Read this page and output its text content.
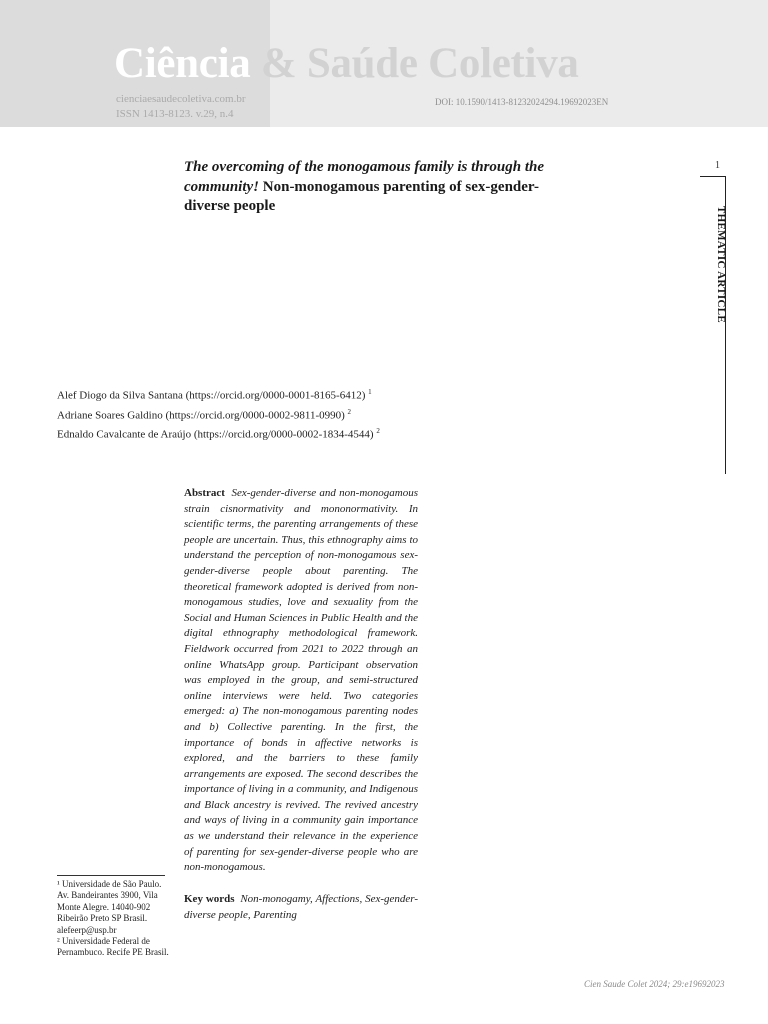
Ciência & Saúde Coletiva
cienciaesaudecoletiva.com.br
ISSN 1413-8123. v.29, n.4
DOI: 10.1590/1413-81232024294.19692023EN
1
THEMATIC ARTICLE
The overcoming of the monogamous family is through the community! Non-monogamous parenting of sex-gender-diverse people
Alef Diogo da Silva Santana (https://orcid.org/0000-0001-8165-6412) $^1$
Adriane Soares Galdino (https://orcid.org/0000-0002-9811-0990) $^2$
Ednaldo Cavalcante de Araújo (https://orcid.org/0000-0002-1834-4544) $^2$
Abstract Sex-gender-diverse and non-monogamous strain cisnormativity and mononormativity. In scientific terms, the parenting arrangements of these people are uncertain. Thus, this ethnography aims to understand the perception of non-monogamous sex-gender-diverse people about parenting. The theoretical framework adopted is derived from non-monogamous studies, love and sexuality from the Social and Human Sciences in Public Health and the digital ethnography methodological framework. Fieldwork occurred from 2021 to 2022 through an online WhatsApp group. Participant observation was employed in the group, and semi-structured online interviews were held. Two categories emerged: a) The non-monogamous parenting nodes and b) Collective parenting. In the first, the importance of bonds in affective networks is explored, and the barriers to these family arrangements are exposed. The second describes the importance of living in a community, and Indigenous and Black ancestry is revived. The revived ancestry and ways of living in a community gain importance as we understand their relevance in the experience of parenting for sex-gender-diverse people who are non-monogamous.
Key words Non-monogamy, Affections, Sex-gender-diverse people, Parenting
¹ Universidade de São Paulo. Av. Bandeirantes 3900, Vila Monte Alegre. 14040-902 Ribeirão Preto SP Brasil. alefeerp@usp.br
² Universidade Federal de Pernambuco. Recife PE Brasil.
Cien Saude Colet 2024; 29:e19692023
